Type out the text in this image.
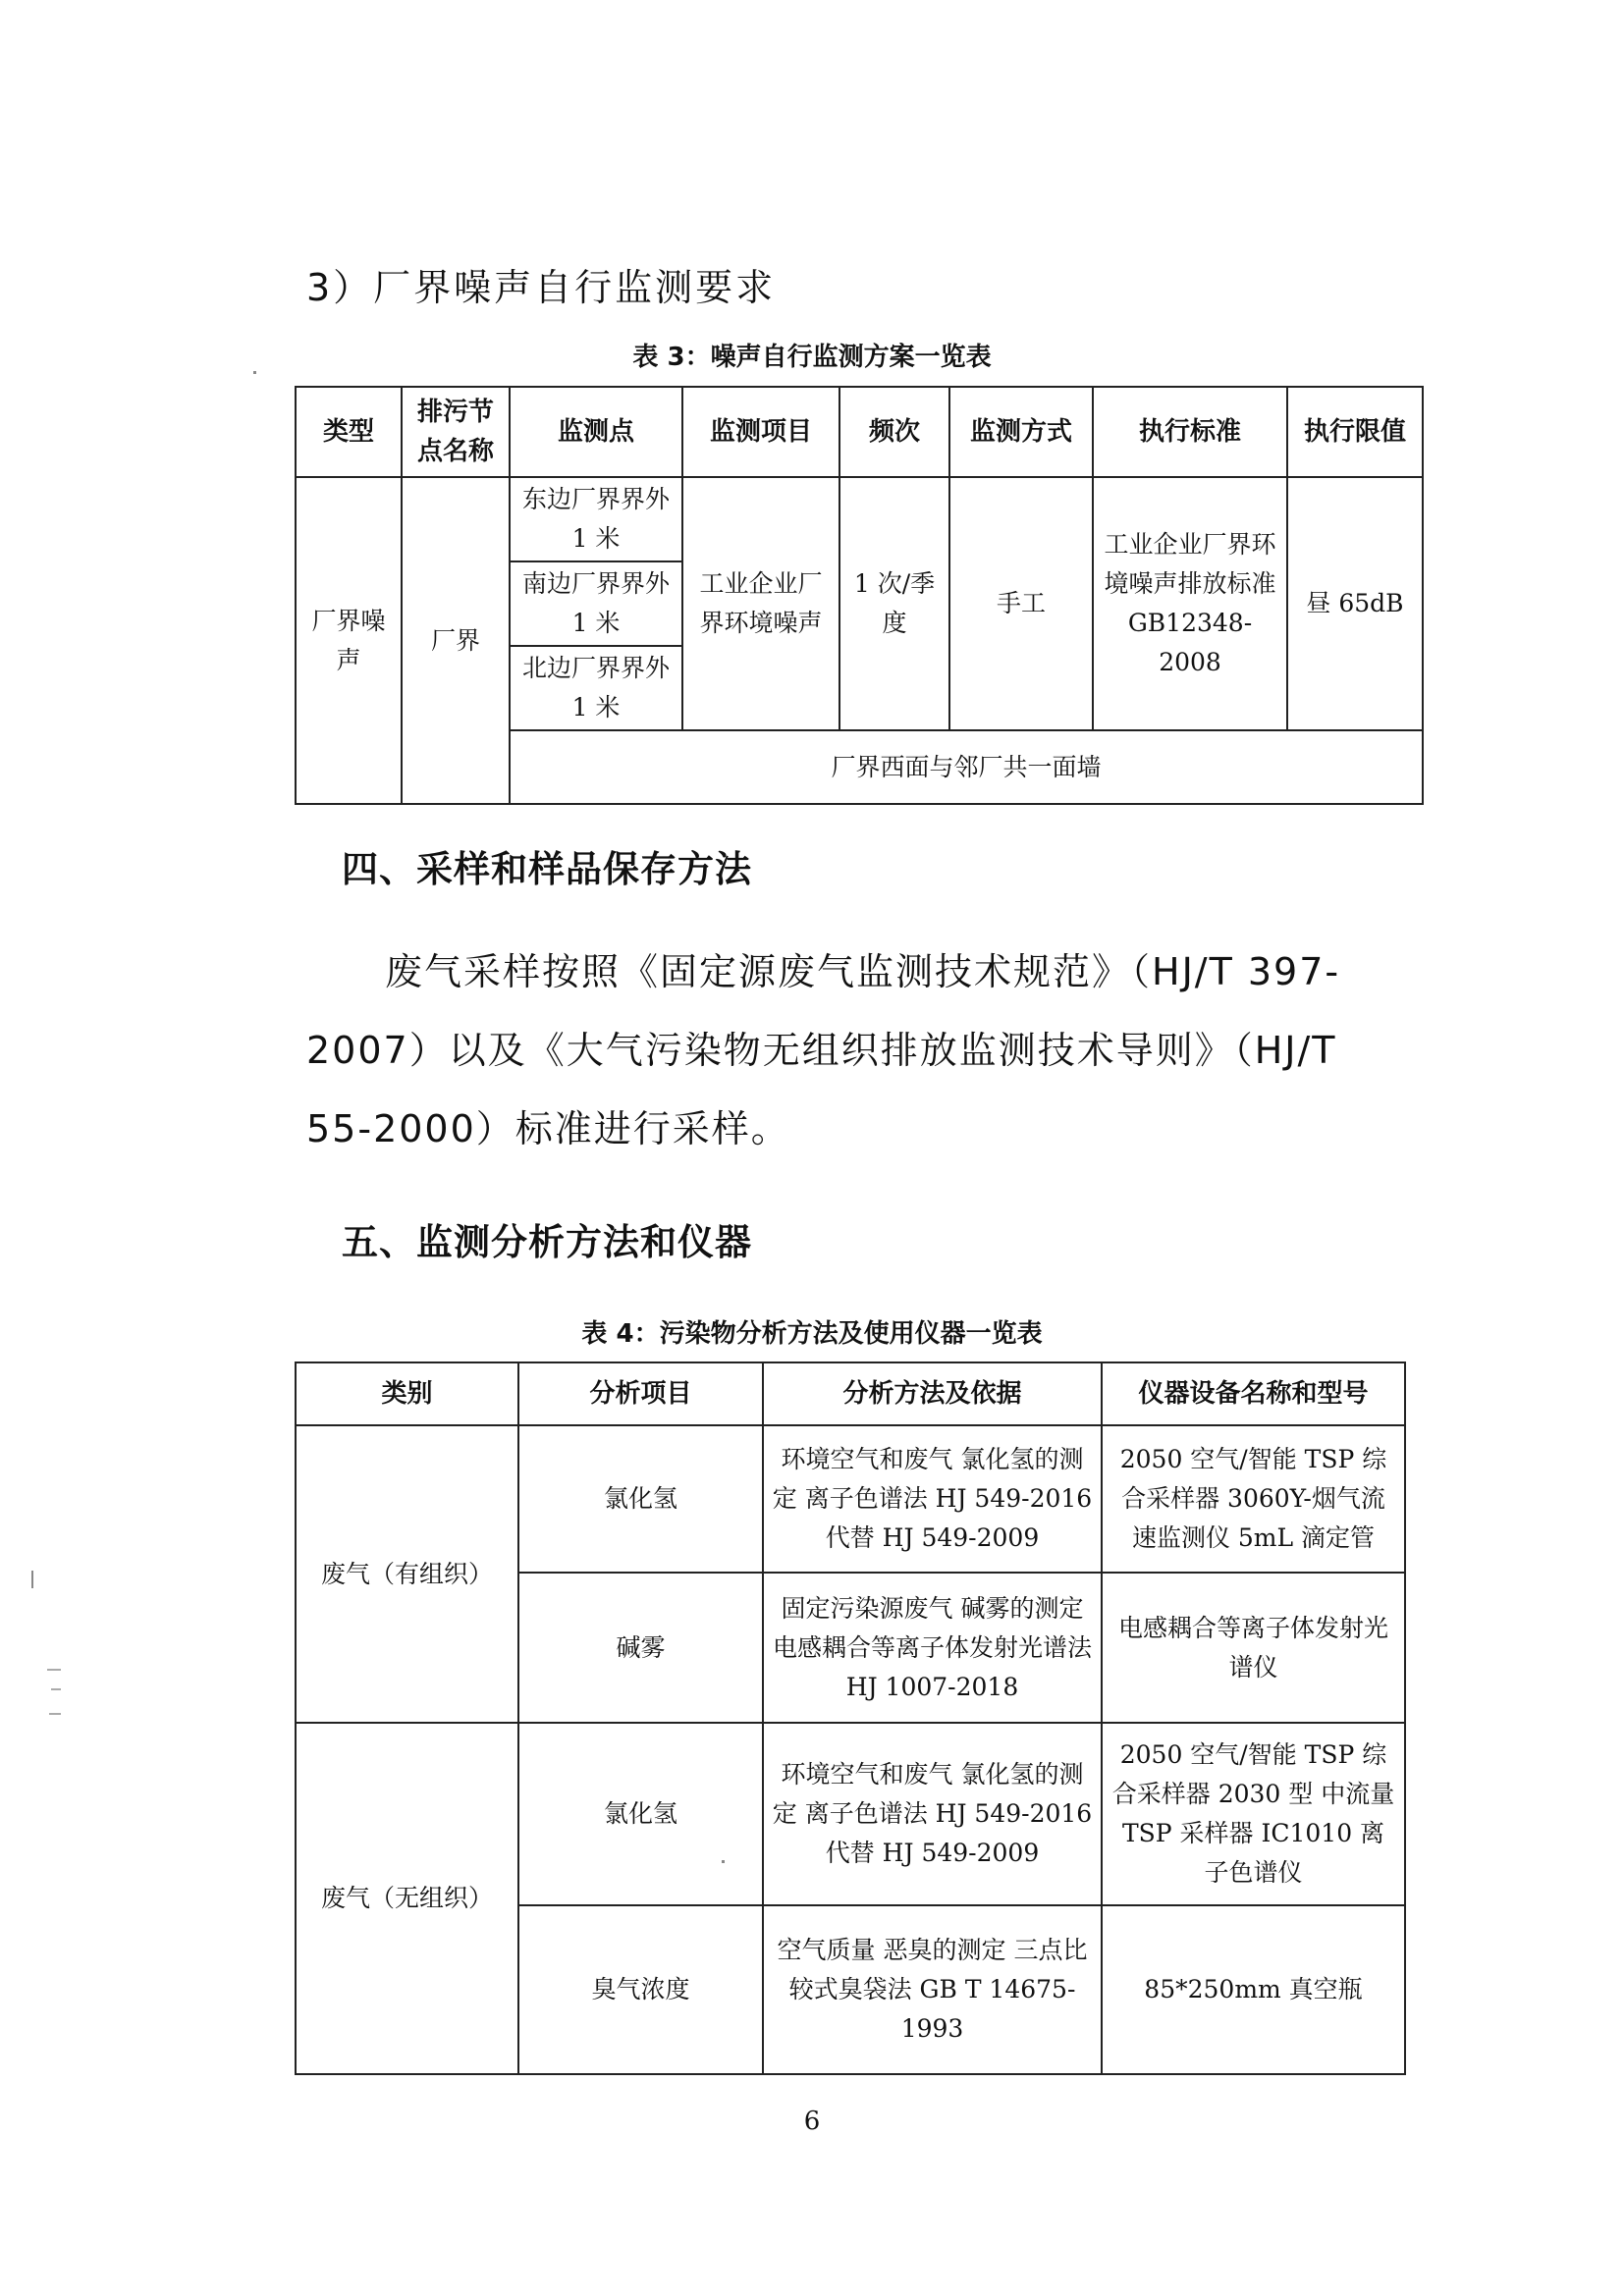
3）厂界噪声自行监测要求
表 3：噪声自行监测方案一览表
类型	排污节点名称	监测点	监测项目	频次	监测方式	执行标准	执行限值
厂界噪声	厂界	东边厂界界外 1 米	工业企业厂界环境噪声	1 次/季度	手工	工业企业厂界环境噪声排放标准 GB12348-2008	昼 65dB
		南边厂界界外 1 米					
		北边厂界界外 1 米					
		厂界西面与邻厂共一面墙					
四、采样和样品保存方法
废气采样按照《固定源废气监测技术规范》（HJ/T 397-2007）以及《大气污染物无组织排放监测技术导则》（HJ/T 55-2000）标准进行采样。
五、监测分析方法和仪器
表 4：污染物分析方法及使用仪器一览表
类别	分析项目	分析方法及依据	仪器设备名称和型号
废气（有组织）	氯化氢	环境空气和废气 氯化氢的测定 离子色谱法 HJ 549-2016 代替 HJ 549-2009	2050 空气/智能 TSP 综合采样器 3060Y-烟气流速监测仪 5mL 滴定管
	碱雾	固定污染源废气 碱雾的测定 电感耦合等离子体发射光谱法 HJ 1007-2018	电感耦合等离子体发射光谱仪
废气（无组织）	氯化氢	环境空气和废气 氯化氢的测定 离子色谱法 HJ 549-2016 代替 HJ 549-2009	2050 空气/智能 TSP 综合采样器 2030 型 中流量 TSP 采样器 IC1010 离子色谱仪
	臭气浓度	空气质量 恶臭的测定 三点比较式臭袋法 GB T 14675-1993	85*250mm 真空瓶
6
